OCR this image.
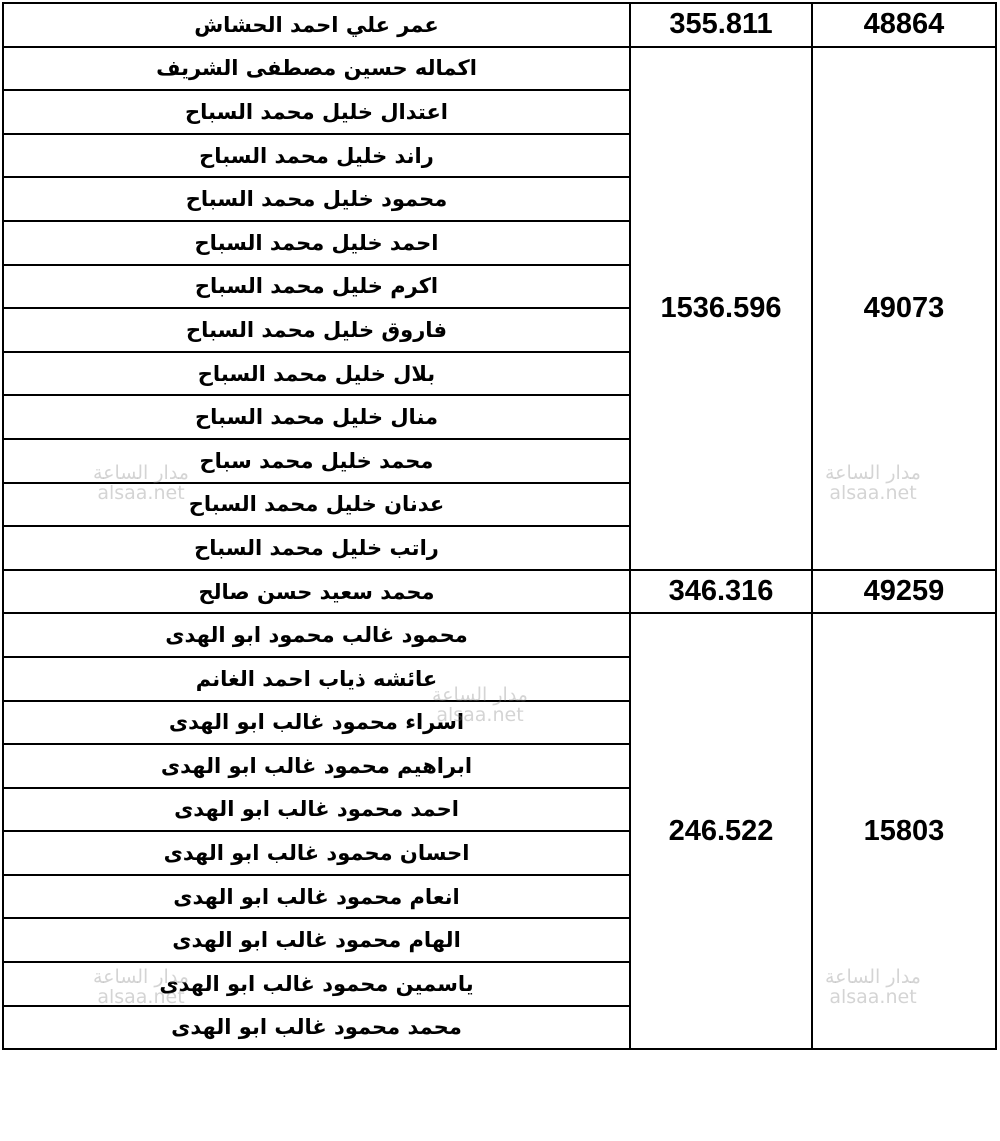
عمر علي احمد الحشاش	355.811	48864
اكماله حسين مصطفى الشريف	1536.596	49073
اعتدال خليل محمد السباح		
راند خليل محمد السباح		
محمود خليل محمد السباح		
احمد خليل محمد السباح		
اكرم خليل محمد السباح		
فاروق خليل محمد السباح		
بلال خليل محمد السباح		
منال خليل محمد السباح		
محمد خليل محمد سباح		
عدنان خليل محمد السباح		
راتب خليل محمد السباح		
محمد سعيد حسن صالح	346.316	49259
محمود غالب محمود ابو الهدى	246.522	15803
عائشه ذياب احمد الغانم		
اسراء محمود غالب ابو الهدى		
ابراهيم محمود غالب ابو الهدى		
احمد محمود غالب ابو الهدى		
احسان محمود غالب ابو الهدى		
انعام محمود غالب ابو الهدى		
الهام محمود غالب ابو الهدى		
ياسمين محمود غالب ابو الهدى		
محمد محمود غالب ابو الهدى		
مدار الساعة
alsaa.net
مدار الساعة
alsaa.net
مدار الساعة
alsaa.net
مدار الساعة
alsaa.net
مدار الساعة
alsaa.net
